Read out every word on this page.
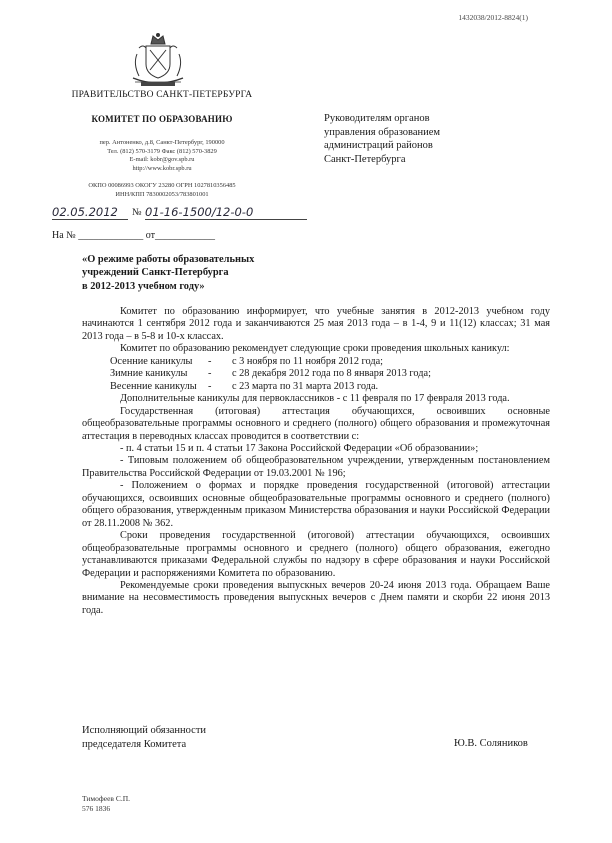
1432038/2012-8824(1)
ПРАВИТЕЛЬСТВО САНКТ-ПЕТЕРБУРГА
КОМИТЕТ ПО ОБРАЗОВАНИЮ
пер. Антоненко, д.8, Санкт-Петербург, 190000
Тел. (812) 570-3179 Факс (812) 570-3829
E-mail: kobr@gov.spb.ru
http://www.kobr.spb.ru
ОКПО 00086993 ОКОГУ 23280 ОГРН 1027810356485
ИНН/КПП 7830002053/783801001
02.05.2012	№ 01-16-1500/12-0-0
На № _____________ от____________
Руководителям органов
управления образованием
администраций районов
Санкт-Петербурга
«О режиме работы образовательных
учреждений Санкт-Петербурга
в 2012-2013 учебном году»

Комитет по образованию информирует, что учебные занятия в 2012-2013 учебном году начинаются 1 сентября 2012 года и заканчиваются 25 мая 2013 года – в 1-4, 9 и 11(12) классах; 31 мая 2013 года – в 5-8 и 10-х классах.

Комитет по образованию рекомендует следующие сроки проведения школьных каникул:

Осенние каникулы	-	с 3 ноября по 11 ноября 2012 года;
Зимние каникулы	-	с 28 декабря 2012 года по 8 января 2013 года;
Весенние каникулы	-	с 23 марта по 31 марта 2013 года.

Дополнительные каникулы для первоклассников - с 11 февраля по 17 февраля 2013 года.

Государственная (итоговая) аттестация обучающихся, освоивших основные общеобразовательные программы основного и среднего (полного) общего образования и промежуточная аттестация в переводных классах проводится в соответствии с:

- п. 4 статьи 15 и п. 4 статьи 17 Закона Российской Федерации «Об образовании»;

- Типовым положением об общеобразовательном учреждении, утвержденным постановлением Правительства Российской Федерации от 19.03.2001 № 196;

- Положением о формах и порядке проведения государственной (итоговой) аттестации обучающихся, освоивших основные общеобразовательные программы основного и среднего (полного) общего образования, утвержденным приказом Министерства образования и науки Российской Федерации от 28.11.2008 № 362.

Сроки проведения государственной (итоговой) аттестации обучающихся, освоивших общеобразовательные программы основного и среднего (полного) общего образования, ежегодно устанавливаются приказами Федеральной службы по надзору в сфере образования и науки Российской Федерации и распоряжениями Комитета по образованию.

Рекомендуемые сроки проведения выпускных вечеров 20-24 июня 2013 года. Обращаем Ваше внимание на несовместимость проведения выпускных вечеров с Днем памяти и скорби 22 июня 2013 года.

Исполняющий обязанности
председателя Комитета	Ю.В. Соляников
Тимофеев С.П.
576 1836
